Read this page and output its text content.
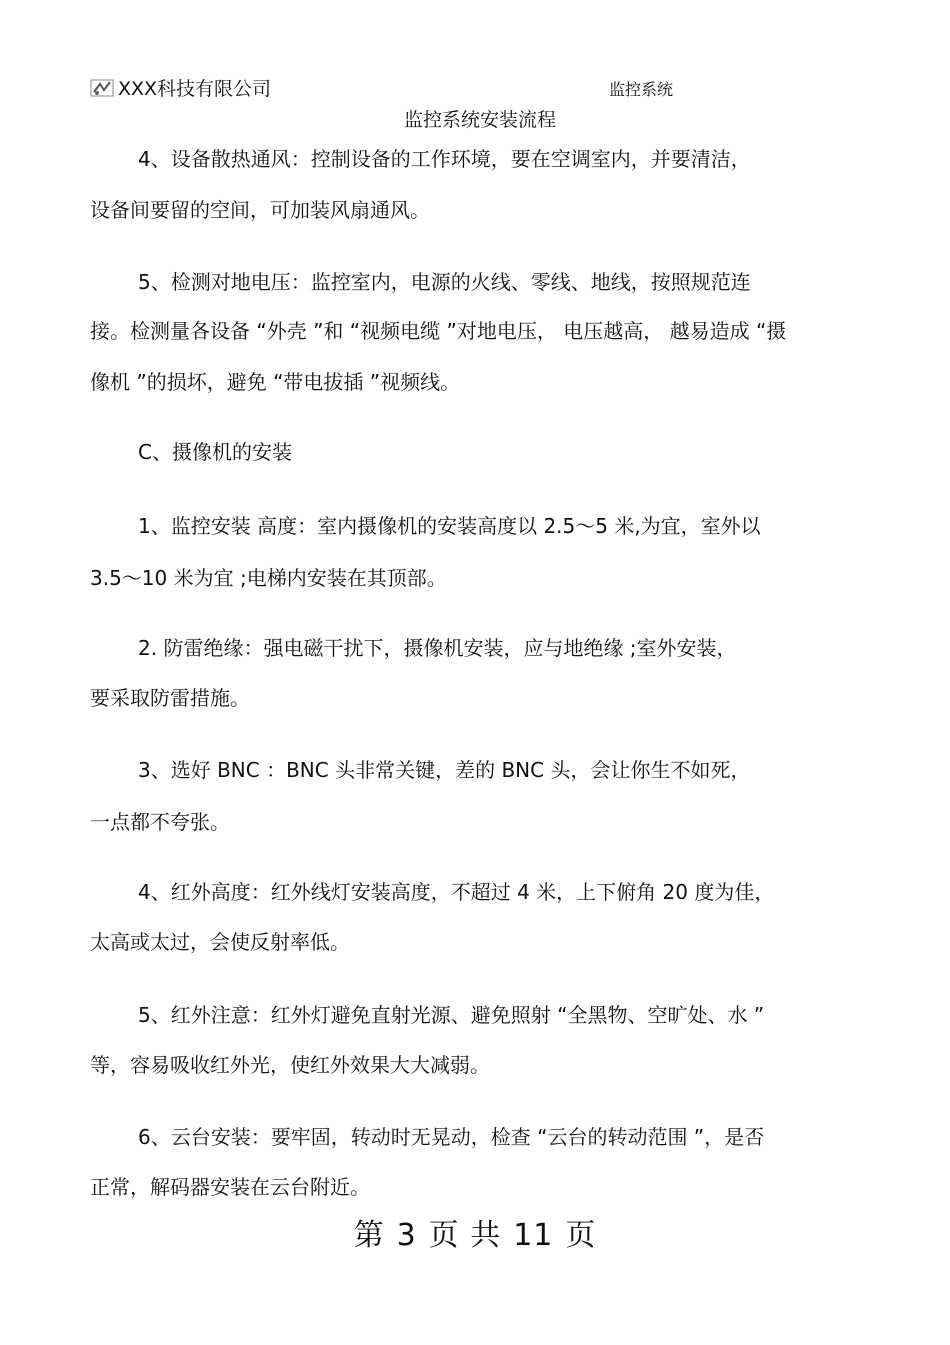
XXX科技有限公司	监控系统
监控系统安装流程
4、设备散热通风：控制设备的工作环境，要在空调室内，并要清洁，
设备间要留的空间，可加装风扇通风。
5、检测对地电压：监控室内，电源的火线、零线、地线，按照规范连
接。检测量各设备 “外壳 ”和 “视频电缆 ”对地电压， 电压越高， 越易造成 “摄
像机 ”的损坏，避免 “带电拔插 ”视频线。
C、摄像机的安装
1、监控安装 高度：室内摄像机的安装高度以 2.5～5 米,为宜，室外以
3.5～10 米为宜 ;电梯内安装在其顶部。
2. 防雷绝缘：强电磁干扰下，摄像机安装，应与地绝缘 ;室外安装，
要采取防雷措施。
3、选好 BNC ：BNC 头非常关键，差的 BNC 头，会让你生不如死，
一点都不夸张。
4、红外高度：红外线灯安装高度，不超过 4 米，上下俯角 20 度为佳，
太高或太过，会使反射率低。
5、红外注意：红外灯避免直射光源、避免照射 “全黑物、空旷处、水 ”
等，容易吸收红外光，使红外效果大大减弱。
6、云台安装：要牢固，转动时无晃动，检查 “云台的转动范围 ”，是否
正常，解码器安装在云台附近。
第 3 页 共 11 页
